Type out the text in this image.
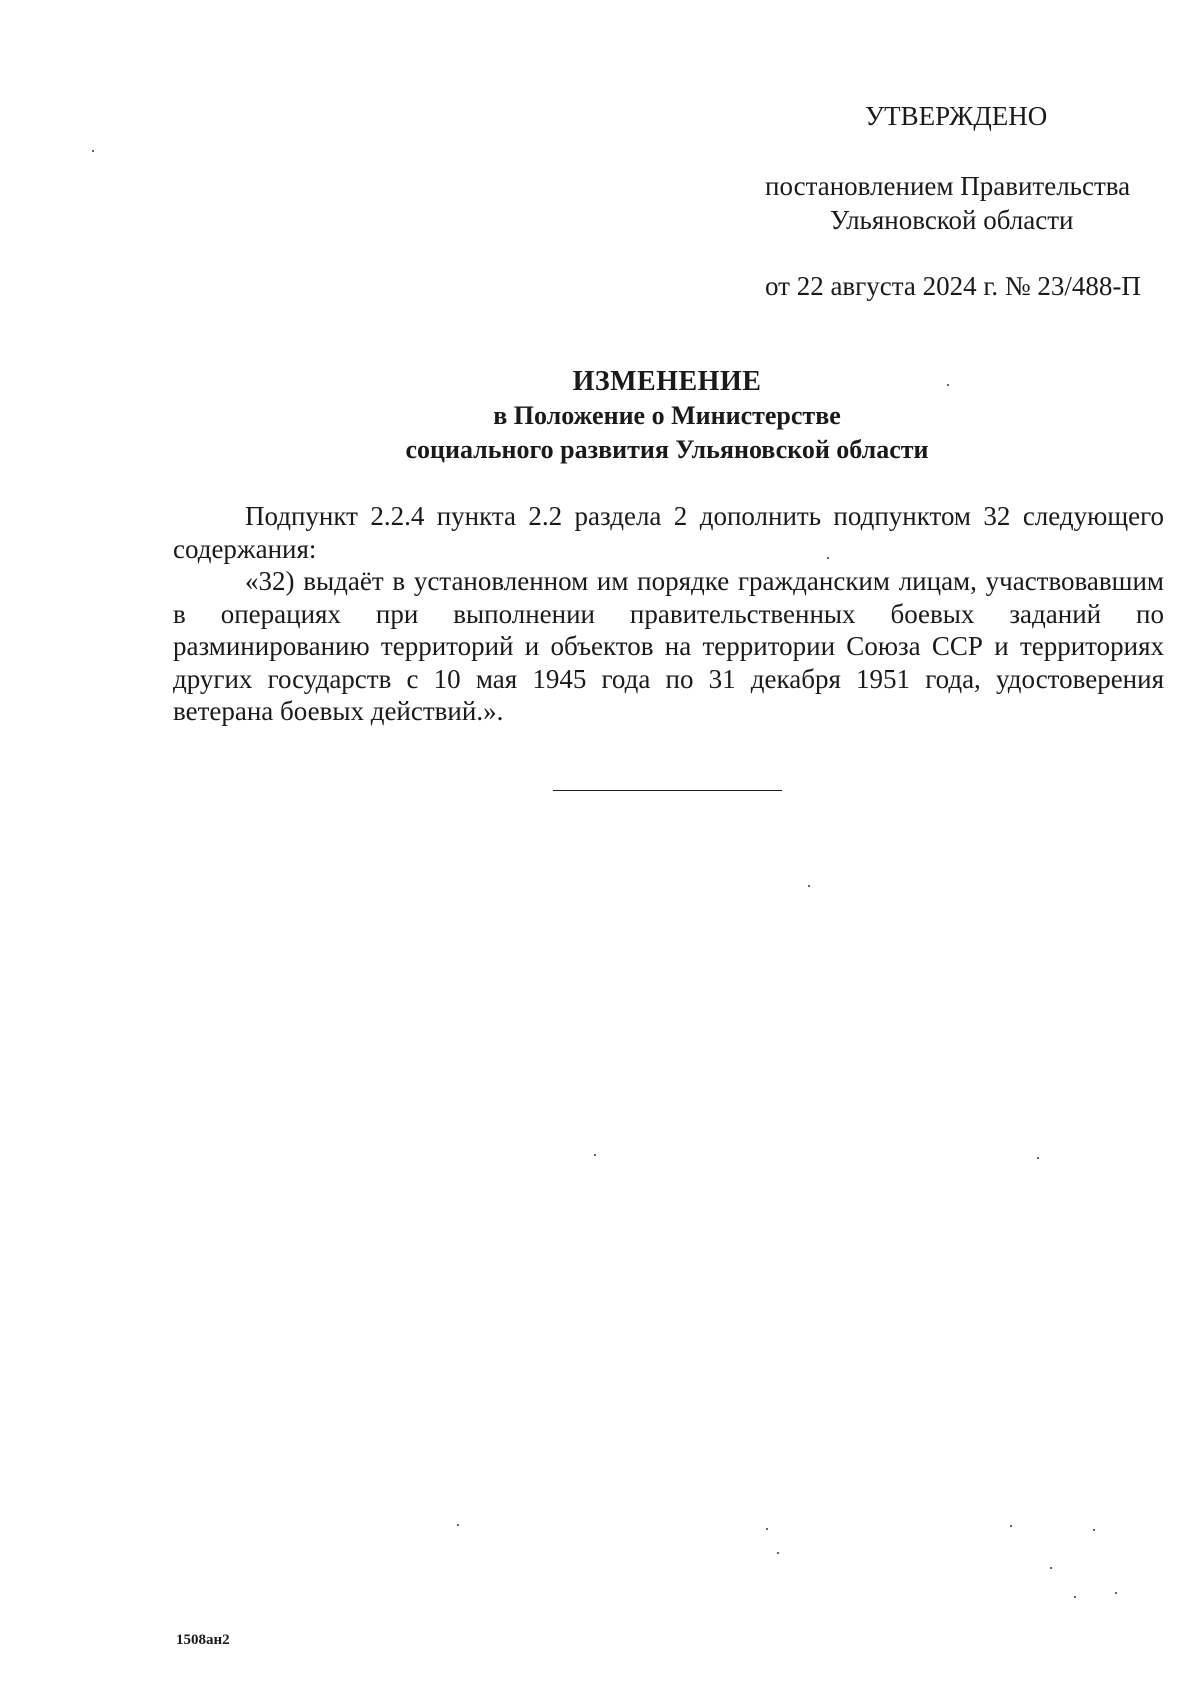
УТВЕРЖДЕНО
постановлением Правительства
Ульяновской области
от 22 августа 2024 г. № 23/488-П
ИЗМЕНЕНИЕ
в Положение о Министерстве
социального развития Ульяновской области

Подпункт 2.2.4 пункта 2.2 раздела 2 дополнить подпунктом 32 следующего содержания:

«32) выдаёт в установленном им порядке гражданским лицам, участвовавшим в операциях при выполнении правительственных боевых заданий по разминированию территорий и объектов на территории Союза ССР и территориях других государств с 10 мая 1945 года по 31 декабря 1951 года, удостоверения ветерана боевых действий.».

1508ан2
